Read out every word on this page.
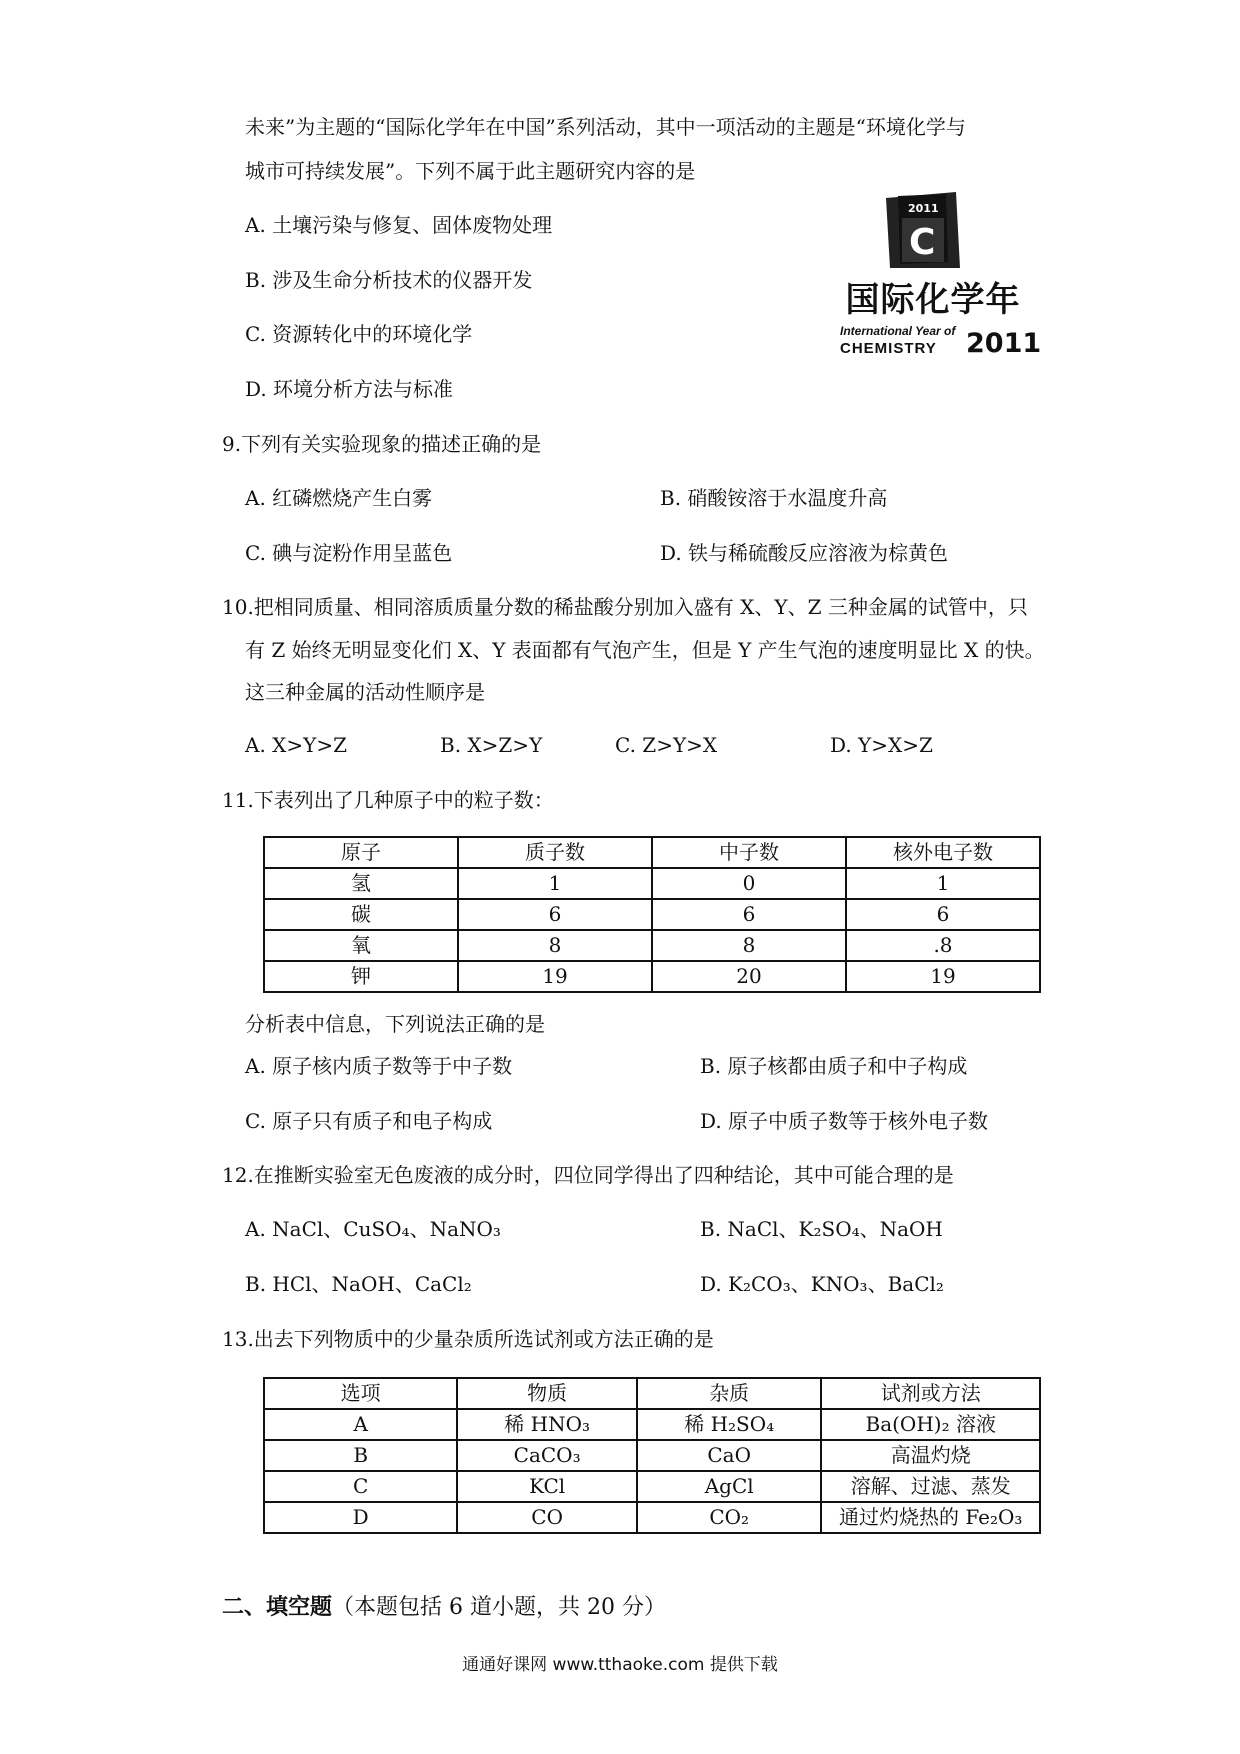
未来”为主题的“国际化学年在中国”系列活动，其中一项活动的主题是“环境化学与
城市可持续发展”。下列不属于此主题研究内容的是
A. 土壤污染与修复、固体废物处理
B. 涉及生命分析技术的仪器开发
C. 资源转化中的环境化学
D. 环境分析方法与标准
2011
C
国际化学年
International Year of
CHEMISTRY 2011
9.下列有关实验现象的描述正确的是
A. 红磷燃烧产生白雾	B. 硝酸铵溶于水温度升高
C. 碘与淀粉作用呈蓝色	D. 铁与稀硫酸反应溶液为棕黄色
10.把相同质量、相同溶质质量分数的稀盐酸分别加入盛有 X、Y、Z 三种金属的试管中，只
有 Z 始终无明显变化们 X、Y 表面都有气泡产生，但是 Y 产生气泡的速度明显比 X 的快。
这三种金属的活动性顺序是
A. X>Y>Z	B. X>Z>Y	C. Z>Y>X	D. Y>X>Z
11.下表列出了几种原子中的粒子数：
原子	质子数	中子数	核外电子数
氢	1	0	1
碳	6	6	6
氧	8	8	.8
钾	19	20	19
分析表中信息，下列说法正确的是
A. 原子核内质子数等于中子数	B. 原子核都由质子和中子构成
C. 原子只有质子和电子构成	D. 原子中质子数等于核外电子数
12.在推断实验室无色废液的成分时，四位同学得出了四种结论，其中可能合理的是
A. NaCl、CuSO₄、NaNO₃	B. NaCl、K₂SO₄、NaOH
B. HCl、NaOH、CaCl₂	D. K₂CO₃、KNO₃、BaCl₂
13.出去下列物质中的少量杂质所选试剂或方法正确的是
选项	物质	杂质	试剂或方法
A	稀 HNO₃	稀 H₂SO₄	Ba(OH)₂ 溶液
B	CaCO₃	CaO	高温灼烧
C	KCl	AgCl	溶解、过滤、蒸发
D	CO	CO₂	通过灼烧热的 Fe₂O₃
二、填空题（本题包括 6 道小题，共 20 分）
通通好课网 www.tthaoke.com 提供下载
